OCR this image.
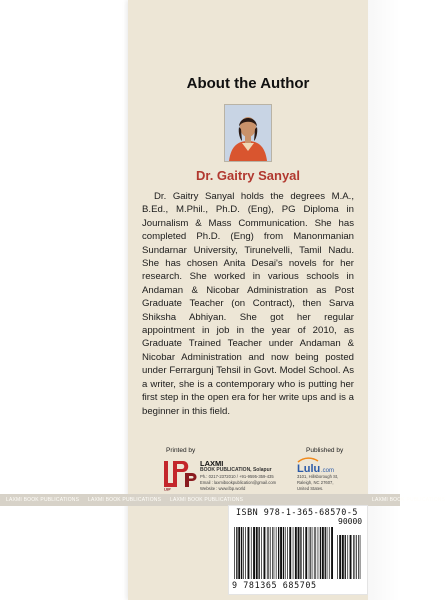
About the Author
Dr. Gaitry Sanyal

Dr. Gaitry Sanyal holds the degrees M.A., B.Ed., M.Phil., Ph.D. (Eng), PG Diploma in Journalism & Mass Communication. She has completed Ph.D. (Eng) from Manonmanian Sundarnar University, Tirunelvelli, Tamil Nadu. She has chosen Anita Desai's novels for her research. She worked in various schools in Andaman & Nicobar Administration as Post Graduate Teacher (on Contract), then Sarva Shiksha Abhiyan. She got her regular appointment in job in the year of 2010, as Graduate Trained Teacher under Andaman & Nicobar Administration and now being posted under Ferrargunj Tehsil in Govt. Model School. As a writer, she is a contemporary who is putting her first step in the open era for her write ups and is a beginner in this field.

Printed by	Published by
LBP
LAXMI
BOOK PUBLICATION, Solapur
Ph.: 0217-2372010 / +91-9595-359-435
Email : laxmibookpublication@gmail.com
Website : www.lbp.world
Lulu .com
3101, Hillsborough St,
Raleigh, NC 27607,
United States.
LAXMI BOOK PUBLICATIONS LAXMI BOOK PUBLICATIONS LAXMI BOOK PUBLICATIONS	LAXMI BOOK PUBLICATIONS
ISBN 978-1-365-68570-5
90000
9 781365 685705
